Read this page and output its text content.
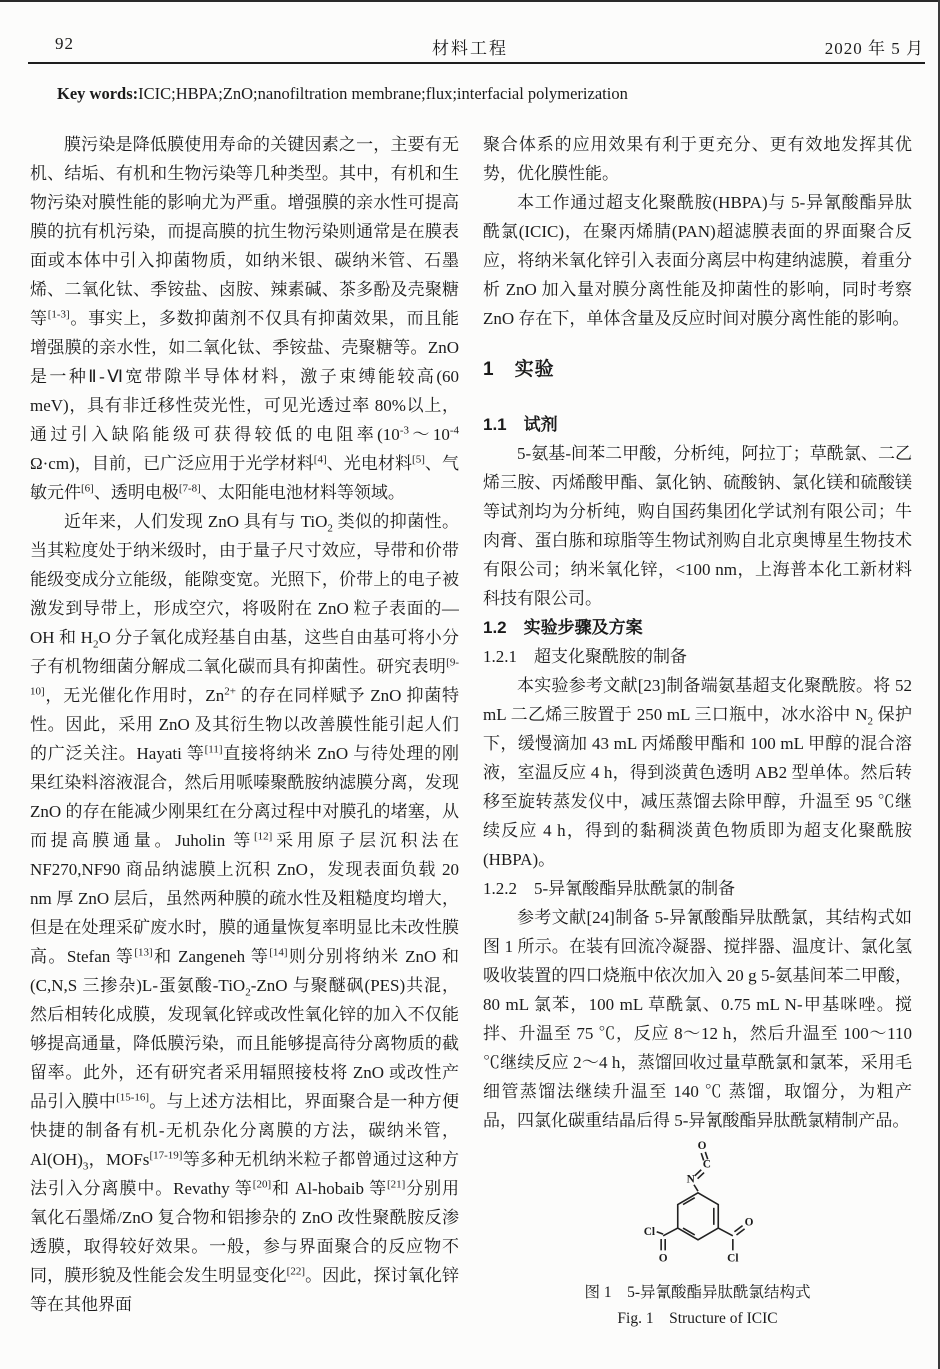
92	材料工程	2020 年 5 月
Key words:ICIC;HBPA;ZnO;nanofiltration membrane;flux;interfacial polymerization

膜污染是降低膜使用寿命的关键因素之一，主要有无机、结垢、有机和生物污染等几种类型。其中，有机和生物污染对膜性能的影响尤为严重。增强膜的亲水性可提高膜的抗有机污染，而提高膜的抗生物污染则通常是在膜表面或本体中引入抑菌物质，如纳米银、碳纳米管、石墨烯、二氧化钛、季铵盐、卤胺、辣素碱、茶多酚及壳聚糖等[1-3]。事实上，多数抑菌剂不仅具有抑菌效果，而且能增强膜的亲水性，如二氧化钛、季铵盐、壳聚糖等。ZnO 是一种Ⅱ-Ⅵ宽带隙半导体材料，激子束缚能较高(60 meV)，具有非迁移性荧光性，可见光透过率 80%以上，通过引入缺陷能级可获得较低的电阻率($10^{-3}\sim 10^{-4}$ Ω·cm)，目前，已广泛应用于光学材料[4]、光电材料[5]、气敏元件[6]、透明电极[7-8]、太阳能电池材料等领域。

近年来，人们发现 ZnO 具有与 TiO$_2$ 类似的抑菌性。当其粒度处于纳米级时，由于量子尺寸效应，导带和价带能级变成分立能级，能隙变宽。光照下，价带上的电子被激发到导带上，形成空穴，将吸附在 ZnO 粒子表面的—OH 和 $H_2O$ 分子氧化成羟基自由基，这些自由基可将小分子有机物细菌分解成二氧化碳而具有抑菌性。研究表明[9-10]，无光催化作用时，$Zn^{2+}$ 的存在同样赋予 ZnO 抑菌特性。因此，采用 ZnO 及其衍生物以改善膜性能引起人们的广泛关注。Hayati 等[11]直接将纳米 ZnO 与待处理的刚果红染料溶液混合，然后用哌嗪聚酰胺纳滤膜分离，发现 ZnO 的存在能减少刚果红在分离过程中对膜孔的堵塞，从而提高膜通量。Juholin 等[12]采用原子层沉积法在 NF270,NF90 商品纳滤膜上沉积 ZnO，发现表面负载 20 nm 厚 ZnO 层后，虽然两种膜的疏水性及粗糙度均增大，但是在处理采矿废水时，膜的通量恢复率明显比未改性膜高。Stefan 等[13]和 Zangeneh 等[14]则分别将纳米 ZnO 和(C,N,S 三掺杂)L-蛋氨酸-TiO$_2$-ZnO 与聚醚砜(PES)共混，然后相转化成膜，发现氧化锌或改性氧化锌的加入不仅能够提高通量，降低膜污染，而且能够提高待分离物质的截留率。此外，还有研究者采用辐照接枝将 ZnO 或改性产品引入膜中[15-16]。与上述方法相比，界面聚合是一种方便快捷的制备有机-无机杂化分离膜的方法，碳纳米管，$Al(OH)_3$，MOFs[17-19]等多种无机纳米粒子都曾通过这种方法引入分离膜中。Revathy 等[20]和 Al-hobaib 等[21]分别用氧化石墨烯/ZnO 复合物和铝掺杂的 ZnO 改性聚酰胺反渗透膜，取得较好效果。一般，参与界面聚合的反应物不同，膜形貌及性能会发生明显变化[22]。因此，探讨氧化锌等在其他界面

聚合体系的应用效果有利于更充分、更有效地发挥其优势，优化膜性能。

本工作通过超支化聚酰胺(HBPA)与 5-异氰酸酯异肽酰氯(ICIC)，在聚丙烯腈(PAN)超滤膜表面的界面聚合反应，将纳米氧化锌引入表面分离层中构建纳滤膜，着重分析 ZnO 加入量对膜分离性能及抑菌性的影响，同时考察 ZnO 存在下，单体含量及反应时间对膜分离性能的影响。

1　实验
1.1　试剂

5-氨基-间苯二甲酸，分析纯，阿拉丁；草酰氯、二乙烯三胺、丙烯酸甲酯、氯化钠、硫酸钠、氯化镁和硫酸镁等试剂均为分析纯，购自国药集团化学试剂有限公司；牛肉膏、蛋白胨和琼脂等生物试剂购自北京奥博星生物技术有限公司；纳米氧化锌，<100 nm，上海普本化工新材料科技有限公司。

1.2　实验步骤及方案
1.2.1　超支化聚酰胺的制备

本实验参考文献[23]制备端氨基超支化聚酰胺。将 52 mL 二乙烯三胺置于 250 mL 三口瓶中，冰水浴中 $N_2$ 保护下，缓慢滴加 43 mL 丙烯酸甲酯和 100 mL 甲醇的混合溶液，室温反应 4 h，得到淡黄色透明 AB2 型单体。然后转移至旋转蒸发仪中，减压蒸馏去除甲醇，升温至 95 ℃继续反应 4 h，得到的黏稠淡黄色物质即为超支化聚酰胺(HBPA)。

1.2.2　5-异氰酸酯异肽酰氯的制备

参考文献[24]制备 5-异氰酸酯异肽酰氯，其结构式如图 1 所示。在装有回流冷凝器、搅拌器、温度计、氯化氢吸收装置的四口烧瓶中依次加入 20 g 5-氨基间苯二甲酸，80 mL 氯苯，100 mL 草酰氯、0.75 mL N-甲基咪唑。搅拌、升温至 75 ℃，反应 8～12 h，然后升温至 100～110 ℃继续反应 2～4 h，蒸馏回收过量草酰氯和氯苯，采用毛细管蒸馏法继续升温至 140 ℃ 蒸馏，取馏分，为粗产品，四氯化碳重结晶后得 5-异氰酸酯异肽酰氯精制产品。

N
C
O
Cl
O
O
Cl
图 1　5-异氰酸酯异肽酰氯结构式
Fig. 1　Structure of ICIC
